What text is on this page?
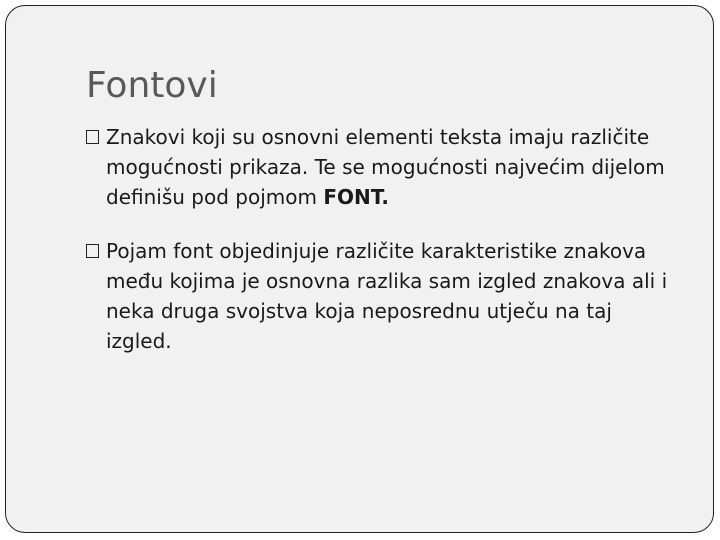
Fontovi
Znakovi koji su osnovni elementi teksta imaju različite mogućnosti prikaza. Te se mogućnosti najvećim dijelom definišu pod pojmom FONT.
Pojam font objedinjuje različite karakteristike znakova među kojima je osnovna razlika sam izgled znakova ali i neka druga svojstva koja neposrednu utječu na taj izgled.
